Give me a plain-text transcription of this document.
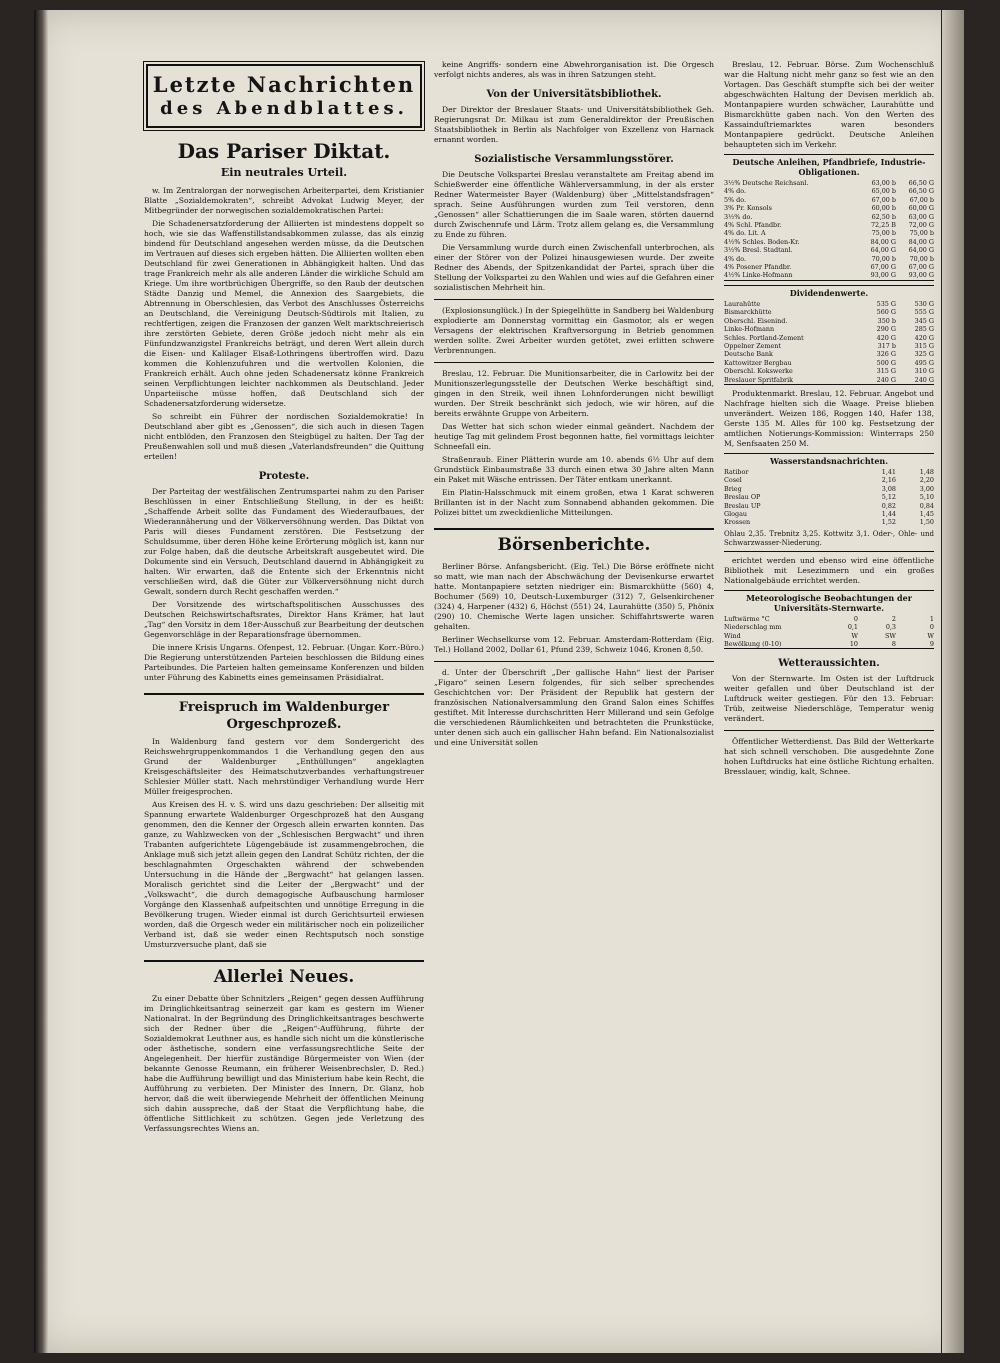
Letzte Nachrichten
des Abendblattes.
Das Pariser Diktat.
Ein neutrales Urteil.

w. Im Zentralorgan der norwegischen Arbeiterpartei, dem Kristianier Blatte „Sozialdemokraten“, schreibt Advokat Ludwig Meyer, der Mitbegründer der norwegischen sozialdemokratischen Partei:

Die Schadenersatzforderung der Alliierten ist mindestens doppelt so hoch, wie sie das Waffenstillstandsabkommen zulasse, das als einzig bindend für Deutschland angesehen werden müsse, da die Deutschen im Vertrauen auf dieses sich ergeben hätten. Die Alliierten wollten eben Deutschland für zwei Generationen in Abhängigkeit halten. Und das trage Frankreich mehr als alle anderen Länder die wirkliche Schuld am Kriege. Um ihre wortbrüchigen Übergriffe, so den Raub der deutschen Städte Danzig und Memel, die Annexion des Saargebiets, die Abtrennung in Oberschlesien, das Verbot des Anschlusses Österreichs an Deutschland, die Vereinigung Deutsch-Südtirols mit Italien, zu rechtfertigen, zeigen die Franzosen der ganzen Welt marktschreierisch ihre zerstörten Gebiete, deren Größe jedoch nicht mehr als ein Fünfundzwanzigstel Frankreichs beträgt, und deren Wert allein durch die Eisen- und Kalilager Elsaß-Lothringens übertroffen wird. Dazu kommen die Kohlenzufuhren und die wertvollen Kolonien, die Frankreich erhält. Auch ohne jeden Schadenersatz könne Frankreich seinen Verpflichtungen leichter nachkommen als Deutschland. Jeder Unparteiische müsse hoffen, daß Deutschland sich der Schadenersatzforderung widersetze.

So schreibt ein Führer der nordischen Sozialdemokratie! In Deutschland aber gibt es „Genossen“, die sich auch in diesen Tagen nicht entblöden, den Franzosen den Steigbügel zu halten. Der Tag der Preußenwahlen soll und muß diesen „Vaterlandsfreunden“ die Quittung erteilen!

Proteste.

Der Parteitag der westfälischen Zentrumspartei nahm zu den Pariser Beschlüssen in einer Entschließung Stellung, in der es heißt: „Schaffende Arbeit sollte das Fundament des Wiederaufbaues, der Wiederannäherung und der Völkerversöhnung werden. Das Diktat von Paris will dieses Fundament zerstören. Die Festsetzung der Schuldsumme, über deren Höhe keine Erörterung möglich ist, kann nur zur Folge haben, daß die deutsche Arbeitskraft ausgebeutet wird. Die Dokumente sind ein Versuch, Deutschland dauernd in Abhängigkeit zu halten. Wir erwarten, daß die Entente sich der Erkenntnis nicht verschließen wird, daß die Güter zur Völkerversöhnung nicht durch Gewalt, sondern durch Recht geschaffen werden.“

Der Vorsitzende des wirtschaftspolitischen Ausschusses des Deutschen Reichswirtschaftsrates, Direktor Hans Krämer, hat laut „Tag“ den Vorsitz in dem 18er-Ausschuß zur Bearbeitung der deutschen Gegenvorschläge in der Reparationsfrage übernommen.

Die innere Krisis Ungarns. Ofenpest, 12. Februar. (Ungar. Korr.-Büro.) Die Regierung unterstützenden Parteien beschlossen die Bildung eines Parteibundes. Die Parteien halten gemeinsame Konferenzen und bilden unter Führung des Kabinetts eines gemeinsamen Präsidialrat.

Freispruch im Waldenburger Orgeschprozeß.

In Waldenburg fand gestern vor dem Sondergericht des Reichswehrgruppenkommandos 1 die Verhandlung gegen den aus Grund der Waldenburger „Enthüllungen“ angeklagten Kreisgeschäftsleiter des Heimatschutzverbandes verhaftungstreuer Schlesier Müller statt. Nach mehrstündiger Verhandlung wurde Herr Müller freigesprochen.

Aus Kreisen des H. v. S. wird uns dazu geschrieben: Der allseitig mit Spannung erwartete Waldenburger Orgeschprozeß hat den Ausgang genommen, den die Kenner der Orgesch allein erwarten konnten. Das ganze, zu Wahlzwecken von der „Schlesischen Bergwacht“ und ihren Trabanten aufgerichtete Lügengebäude ist zusammengebrochen, die Anklage muß sich jetzt allein gegen den Landrat Schütz richten, der die beschlagnahmten Orgeschakten während der schwebenden Untersuchung in die Hände der „Bergwacht“ hat gelangen lassen. Moralisch gerichtet sind die Leiter der „Bergwacht“ und der „Volkswacht“, die durch demagogische Aufbauschung harmloser Vorgänge den Klassenhaß aufpeitschten und unnötige Erregung in die Bevölkerung trugen. Wieder einmal ist durch Gerichtsurteil erwiesen worden, daß die Orgesch weder ein militärischer noch ein polizeilicher Verband ist, daß sie weder einen Rechtsputsch noch sonstige Umsturzversuche plant, daß sie

Allerlei Neues.

Zu einer Debatte über Schnitzlers „Reigen“ gegen dessen Aufführung im Dringlichkeitsantrag seinerzeit gar kam es gestern im Wiener Nationalrat. In der Begründung des Dringlichkeitsantrages beschwerte sich der Redner über die „Reigen“-Aufführung, führte der Sozialdemokrat Leuthner aus, es handle sich nicht um die künstlerische oder ästhetische, sondern eine verfassungsrechtliche Seite der Angelegenheit. Der hierfür zuständige Bürgermeister von Wien (der bekannte Genosse Reumann, ein früherer Weisenbrechsler, D. Red.) habe die Aufführung bewilligt und das Ministerium habe kein Recht, die Aufführung zu verbieten. Der Minister des Innern, Dr. Glanz, hob hervor, daß die weit überwiegende Mehrheit der öffentlichen Meinung sich dahin ausspreche, daß der Staat die Verpflichtung habe, die öffentliche Sittlichkeit zu schützen. Gegen jede Verletzung des Verfassungsrechtes Wiens an.

keine Angriffs- sondern eine Abwehrorganisation ist. Die Orgesch verfolgt nichts anderes, als was in ihren Satzungen steht.

Von der Universitätsbibliothek.

Der Direktor der Breslauer Staats- und Universitätsbibliothek Geh. Regierungsrat Dr. Milkau ist zum Generaldirektor der Preußischen Staatsbibliothek in Berlin als Nachfolger von Exzellenz von Harnack ernannt worden.

Sozialistische Versammlungsstörer.

Die Deutsche Volkspartei Breslau veranstaltete am Freitag abend im Schießwerder eine öffentliche Wählerversammlung, in der als erster Redner Watermeister Bayer (Waldenburg) über „Mittelstandsfragen“ sprach. Seine Ausführungen wurden zum Teil verstoren, denn „Genossen“ aller Schattierungen die im Saale waren, störten dauernd durch Zwischenrufe und Lärm. Trotz allem gelang es, die Versammlung zu Ende zu führen.

Die Versammlung wurde durch einen Zwischenfall unterbrochen, als einer der Störer von der Polizei hinausgewiesen wurde. Der zweite Redner des Abends, der Spitzenkandidat der Partei, sprach über die Stellung der Volkspartei zu den Wahlen und wies auf die Gefahren einer sozialistischen Mehrheit hin.

(Explosionsunglück.) In der Spiegelhütte in Sandberg bei Waldenburg explodierte am Donnerstag vormittag ein Gasmotor, als er wegen Versagens der elektrischen Kraftversorgung in Betrieb genommen werden sollte. Zwei Arbeiter wurden getötet, zwei erlitten schwere Verbrennungen.

Breslau, 12. Februar. Die Munitionsarbeiter, die in Carlowitz bei der Munitionszerlegungsstelle der Deutschen Werke beschäftigt sind, gingen in den Streik, weil ihnen Lohnforderungen nicht bewilligt wurden. Der Streik beschränkt sich jedoch, wie wir hören, auf die bereits erwähnte Gruppe von Arbeitern.

Das Wetter hat sich schon wieder einmal geändert. Nachdem der heutige Tag mit gelindem Frost begonnen hatte, fiel vormittags leichter Schneefall ein.

Straßenraub. Einer Plätterin wurde am 10. abends 6½ Uhr auf dem Grundstück Einbaumstraße 33 durch einen etwa 30 Jahre alten Mann ein Paket mit Wäsche entrissen. Der Täter entkam unerkannt.

Ein Platin-Halsschmuck mit einem großen, etwa 1 Karat schweren Brillanten ist in der Nacht zum Sonnabend abhanden gekommen. Die Polizei bittet um zweckdienliche Mitteilungen.

Börsenberichte.

Berliner Börse. Anfangsbericht. (Eig. Tel.) Die Börse eröffnete nicht so matt, wie man nach der Abschwächung der Devisenkurse erwartet hatte. Montanpapiere setzten niedriger ein: Bismarckhütte (560) 4, Bochumer (569) 10, Deutsch-Luxemburger (312) 7, Gelsenkirchener (324) 4, Harpener (432) 6, Höchst (551) 24, Laurahütte (350) 5, Phönix (290) 10. Chemische Werte lagen unsicher. Schiffahrtswerte waren gehalten.

Berliner Wechselkurse vom 12. Februar. Amsterdam-Rotterdam (Eig. Tel.) Holland 2002, Dollar 61, Pfund 239, Schweiz 1046, Kronen 8,50.

d. Unter der Überschrift „Der gallische Hahn“ liest der Pariser „Figaro“ seinen Lesern folgendes, für sich selber sprechendes Geschichtchen vor: Der Präsident der Republik hat gestern der französischen Nationalversammlung den Grand Salon eines Schiffes gestiftet. Mit Interesse durchschritten Herr Millerand und sein Gefolge die verschiedenen Räumlichkeiten und betrachteten die Prunkstücke, unter denen sich auch ein gallischer Hahn befand. Ein Nationalsozialist und eine Universität sollen

Breslau, 12. Februar. Börse. Zum Wochenschluß war die Haltung nicht mehr ganz so fest wie an den Vortagen. Das Geschäft stumpfte sich bei der weiter abgeschwächten Haltung der Devisen merklich ab. Montanpapiere wurden schwächer, Laurahütte und Bismarckhütte gaben nach. Von den Werten des Kassainduſtriemarktes waren besonders Montanpapiere gedrückt. Deutsche Anleihen behaupteten sich im Verkehr.

Deutsche Anleihen, Pfandbriefe, Industrie-Obligationen.
3½% Deutsche Reichsanl.	63,00 b	66,50 G
4% do.	65,00 b	66,50 G
5% do.	67,00 b	67,00 b
3% Pr. Konsols	60,00 b	60,00 G
3½% do.	62,50 b	63,00 G
4% Schl. Pfandbr.	72,25 B	72,00 G
4% do. Lit. A	75,00 b	75,00 b
4½% Schles. Boden-Kr.	84,00 G	84,00 G
3½% Bresl. Stadtanl.	64,00 G	64,00 G
4% do.	70,00 b	70,00 b
4% Posener Pfandbr.	67,00 G	67,00 G
4½% Linke-Hofmann	93,00 G	93,00 G
Dividendenwerte.
Laurahütte	535 G	530 G
Bismarckhütte	560 G	555 G
Oberschl. Eisenind.	350 b	345 G
Linke-Hofmann	290 G	285 G
Schles. Portland-Zement	420 G	420 G
Oppelner Zement	317 b	315 G
Deutsche Bank	326 G	325 G
Kattowitzer Bergbau	500 G	495 G
Oberschl. Kokswerke	315 G	310 G
Breslauer Spritfabrik	240 G	240 G

Produktenmarkt. Breslau, 12. Februar. Angebot und Nachfrage hielten sich die Waage. Preise blieben unverändert. Weizen 186, Roggen 140, Hafer 138, Gerste 135 M. Alles für 100 kg. Festsetzung der amtlichen Notierungs-Kommission: Winterraps 250 M, Senfsaaten 250 M.

Wasserstandsnachrichten.
Ratibor	1,41	1,48
Cosel	2,16	2,20
Brieg	3,08	3,00
Breslau OP	5,12	5,10
Breslau UP	0,82	0,84
Glogau	1,44	1,45
Krossen	1,52	1,50
Ohlau 2,35. Trebnitz 3,25. Kottwitz 3,1. Oder-, Ohle- und Schwarzwasser-Niederung.

erichtet werden und ebenso wird eine öffentliche Bibliothek mit Lesezimmern und ein großes Nationalgebäude errichtet werden.

Meteorologische Beobachtungen der Universitäts-Sternwarte.
Luftwärme °C	0	2	1
Niederschlag mm	0,1	0,3	0
Wind	W	SW	W
Bewölkung (0-10)	10	8	9
Wetteraussichten.

Von der Sternwarte. Im Osten ist der Luftdruck weiter gefallen und über Deutschland ist der Luftdruck weiter gestiegen. Für den 13. Februar: Trüb, zeitweise Niederschläge, Temperatur wenig verändert.

Öffentlicher Wetterdienst. Das Bild der Wetterkarte hat sich schnell verschoben. Die ausgedehnte Zone hohen Luftdrucks hat eine östliche Richtung erhalten. Bresslauer, windig, kalt, Schnee.
